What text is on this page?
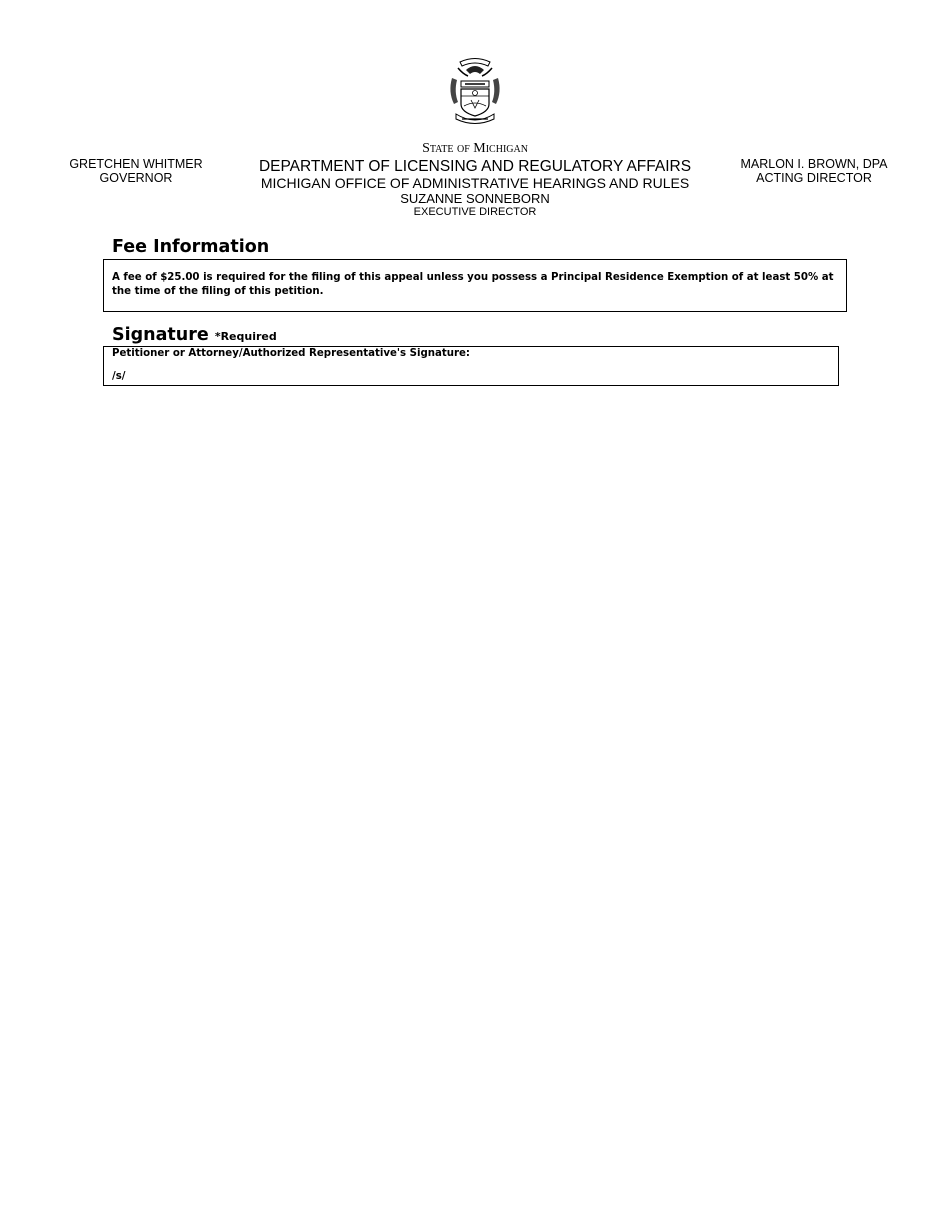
GRETCHEN WHITMER
GOVERNOR
State of Michigan
DEPARTMENT OF LICENSING AND REGULATORY AFFAIRS
MICHIGAN OFFICE OF ADMINISTRATIVE HEARINGS AND RULES
SUZANNE SONNEBORN
EXECUTIVE DIRECTOR
MARLON I. BROWN, DPA
ACTING DIRECTOR
Fee Information
A fee of $25.00 is required for the filing of this appeal unless you possess a Principal Residence Exemption of at least 50% at the time of the filing of this petition.
Signature *Required
Petitioner or Attorney/Authorized Representative's Signature:
/s/
